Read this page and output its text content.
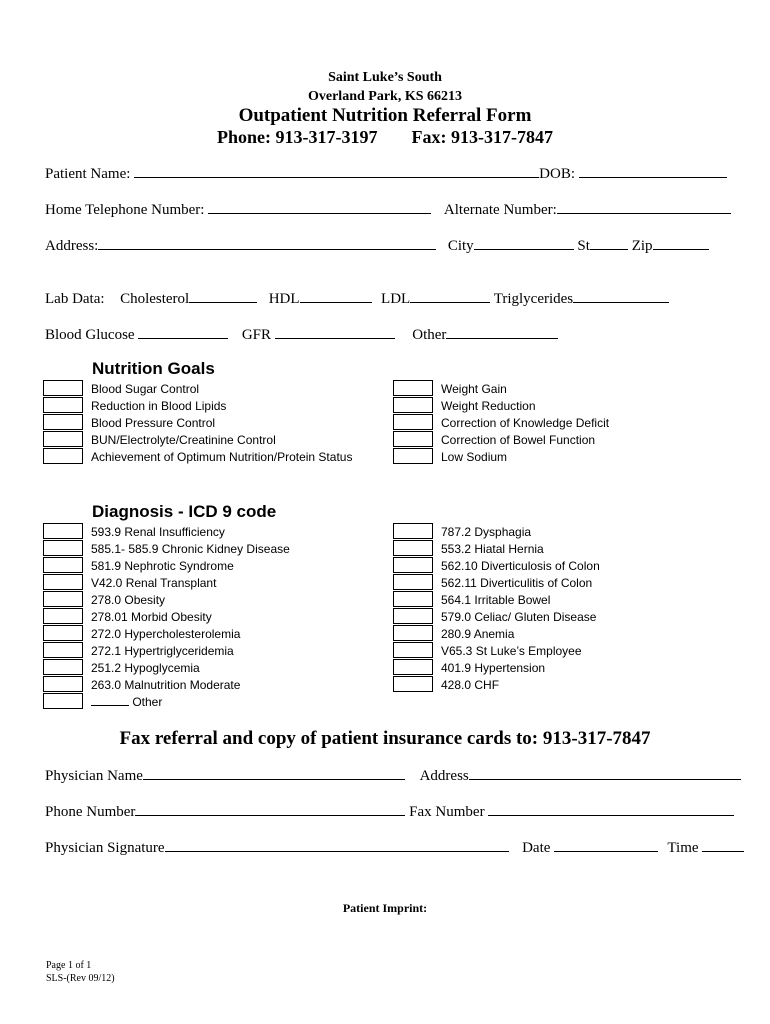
Saint Luke’s South
Overland Park, KS 66213
Outpatient Nutrition Referral Form
Phone: 913-317-3197 Fax: 913-317-7847
Patient Name:	DOB:
Home Telephone Number:	Alternate Number:
Address:	City	St	Zip
Lab Data: Cholesterol	HDL	LDL	Triglycerides
Blood Glucose	GFR	Other
Nutrition Goals
Blood Sugar Control
Reduction in Blood Lipids
Blood Pressure Control
BUN/Electrolyte/Creatinine Control
Achievement of Optimum Nutrition/Protein Status
Weight Gain
Weight Reduction
Correction of Knowledge Deficit
Correction of Bowel Function
Low Sodium
Diagnosis - ICD 9 code
593.9 Renal Insufficiency
585.1- 585.9 Chronic Kidney Disease
581.9 Nephrotic Syndrome
V42.0 Renal Transplant
278.0 Obesity
278.01 Morbid Obesity
272.0 Hypercholesterolemia
272.1 Hypertriglyceridemia
251.2 Hypoglycemia
263.0 Malnutrition Moderate
Other
787.2 Dysphagia
553.2 Hiatal Hernia
562.10 Diverticulosis of Colon
562.11 Diverticulitis of Colon
564.1 Irritable Bowel
579.0 Celiac/ Gluten Disease
280.9 Anemia
V65.3 St Luke’s Employee
401.9 Hypertension
428.0 CHF
Fax referral and copy of patient insurance cards to: 913-317-7847
Physician Name	Address
Phone Number	Fax Number
Physician Signature	Date	Time
Patient Imprint:
Page 1 of 1
SLS-(Rev 09/12)
